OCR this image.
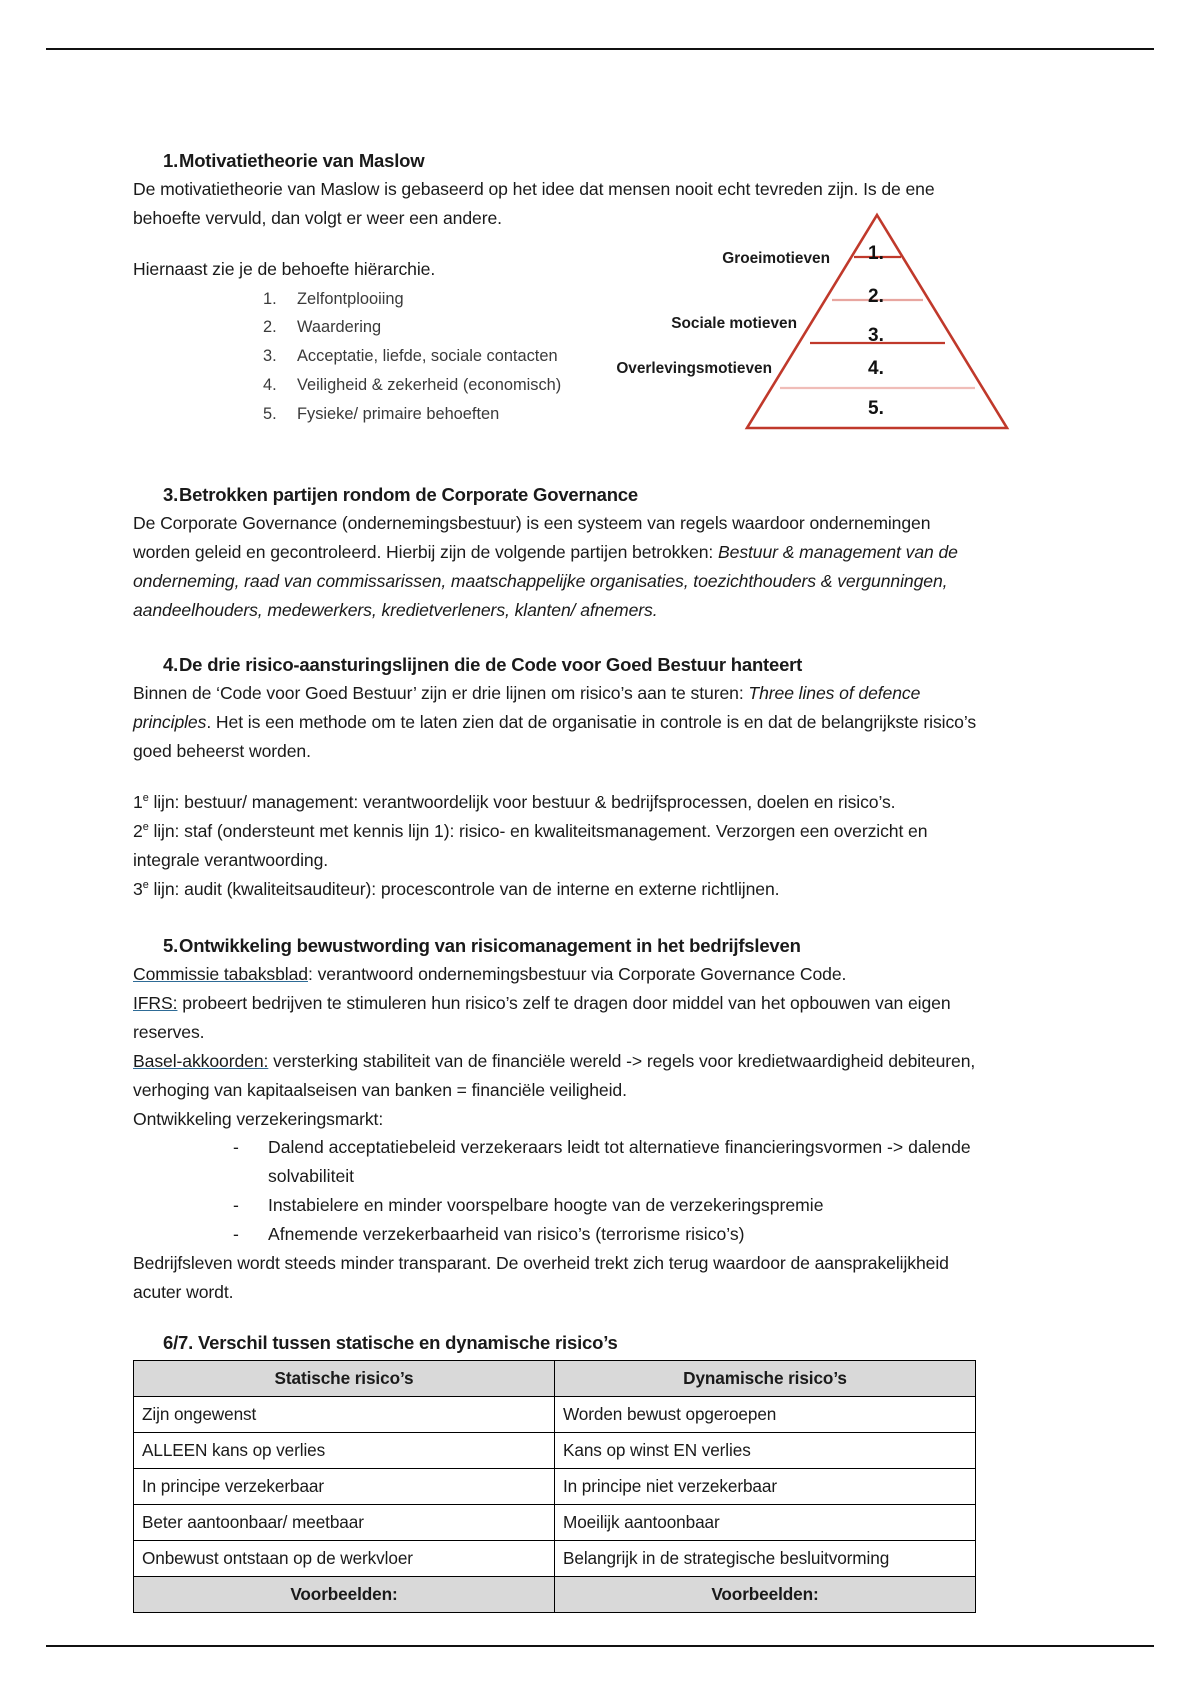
Groeimotieven
Sociale motieven
Overlevingsmotieven
1.
2.
3.
4.
5.
1. Motivatietheorie van Maslow

De motivatietheorie van Maslow is gebaseerd op het idee dat mensen nooit echt tevreden zijn. Is de ene behoefte vervuld, dan volgt er weer een andere.

Hiernaast zie je de behoefte hiërarchie.

1.	Zelfontplooiing
2.	Waardering
3.	Acceptatie, liefde, sociale contacten
4.	Veiligheid & zekerheid (economisch)
5.	Fysieke/ primaire behoeften
3. Betrokken partijen rondom de Corporate Governance

De Corporate Governance (ondernemingsbestuur) is een systeem van regels waardoor ondernemingen worden geleid en gecontroleerd. Hierbij zijn de volgende partijen betrokken: Bestuur & management van de onderneming, raad van commissarissen, maatschappelijke organisaties, toezichthouders & vergunningen, aandeelhouders, medewerkers, kredietverleners, klanten/ afnemers.

4. De drie risico-aansturingslijnen die de Code voor Goed Bestuur hanteert

Binnen de ‘Code voor Goed Bestuur’ zijn er drie lijnen om risico’s aan te sturen: Three lines of defence principles. Het is een methode om te laten zien dat de organisatie in controle is en dat de belangrijkste risico’s goed beheerst worden.

1e lijn: bestuur/ management: verantwoordelijk voor bestuur & bedrijfsprocessen, doelen en risico’s.

2e lijn: staf (ondersteunt met kennis lijn 1): risico- en kwaliteitsmanagement. Verzorgen een overzicht en integrale verantwoording.

3e lijn: audit (kwaliteitsauditeur): procescontrole van de interne en externe richtlijnen.

5. Ontwikkeling bewustwording van risicomanagement in het bedrijfsleven

Commissie tabaksblad: verantwoord ondernemingsbestuur via Corporate Governance Code.

IFRS: probeert bedrijven te stimuleren hun risico’s zelf te dragen door middel van het opbouwen van eigen reserves.

Basel-akkoorden: versterking stabiliteit van de financiële wereld -> regels voor kredietwaardigheid debiteuren, verhoging van kapitaalseisen van banken = financiële veiligheid.

Ontwikkeling verzekeringsmarkt:

-	Dalend acceptatiebeleid verzekeraars leidt tot alternatieve financieringsvormen -> dalende solvabiliteit
-	Instabielere en minder voorspelbare hoogte van de verzekeringspremie
-	Afnemende verzekerbaarheid van risico’s (terrorisme risico’s)

Bedrijfsleven wordt steeds minder transparant. De overheid trekt zich terug waardoor de aansprakelijkheid acuter wordt.

6/7. Verschil tussen statische en dynamische risico’s
Statische risico’s	Dynamische risico’s
Zijn ongewenst	Worden bewust opgeroepen
ALLEEN kans op verlies	Kans op winst EN verlies
In principe verzekerbaar	In principe niet verzekerbaar
Beter aantoonbaar/ meetbaar	Moeilijk aantoonbaar
Onbewust ontstaan op de werkvloer	Belangrijk in de strategische besluitvorming
Voorbeelden:	Voorbeelden:
